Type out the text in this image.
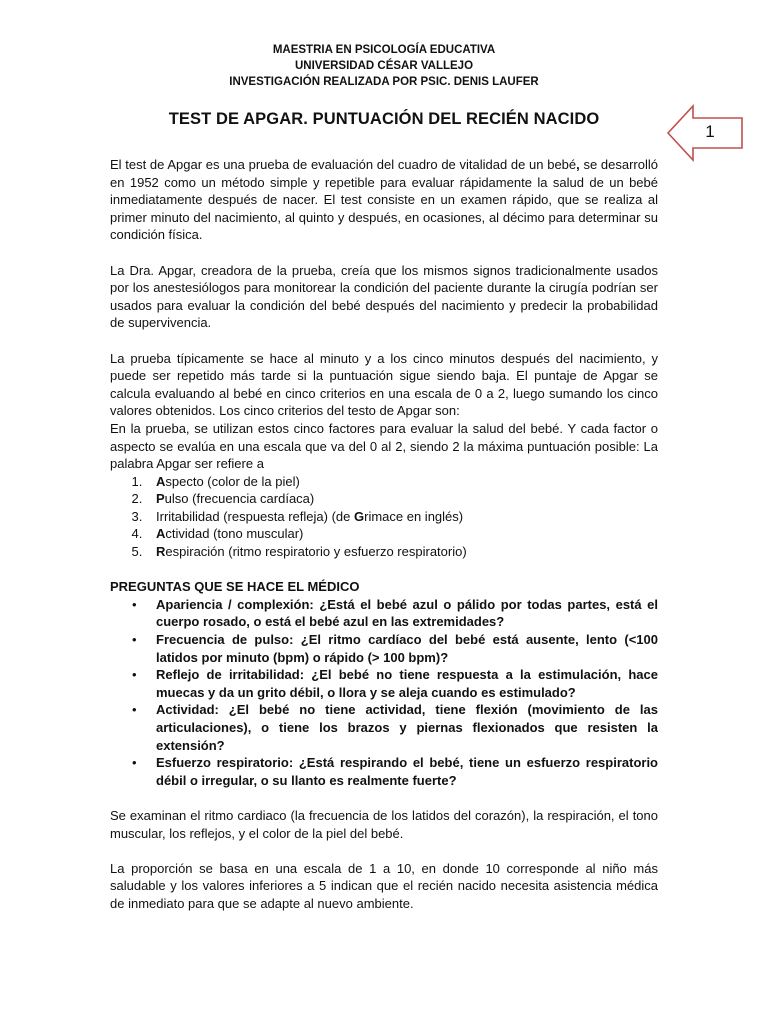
MAESTRIA EN PSICOLOGÍA EDUCATIVA
UNIVERSIDAD CÉSAR VALLEJO
INVESTIGACIÓN REALIZADA POR PSIC. DENIS LAUFER
TEST DE APGAR. PUNTUACIÓN DEL RECIÉN NACIDO
1

El test de Apgar es una prueba de evaluación del cuadro de vitalidad de un bebé, se desarrolló en 1952 como un método simple y repetible para evaluar rápidamente la salud de un bebé inmediatamente después de nacer. El test consiste en un examen rápido, que se realiza al primer minuto del nacimiento, al quinto y después, en ocasiones, al décimo para determinar su condición física.

La Dra. Apgar, creadora de la prueba, creía que los mismos signos tradicionalmente usados por los anestesiólogos para monitorear la condición del paciente durante la cirugía podrían ser usados para evaluar la condición del bebé después del nacimiento y predecir la probabilidad de supervivencia.

La prueba típicamente se hace al minuto y a los cinco minutos después del nacimiento, y puede ser repetido más tarde si la puntuación sigue siendo baja. El puntaje de Apgar se calcula evaluando al bebé en cinco criterios en una escala de 0 a 2, luego sumando los cinco valores obtenidos. Los cinco criterios del testo de Apgar son:

En la prueba, se utilizan estos cinco factores para evaluar la salud del bebé. Y cada factor o aspecto se evalúa en una escala que va del 0 al 2, siendo 2 la máxima puntuación posible: La palabra Apgar ser refiere a

1. Aspecto (color de la piel)
2. Pulso (frecuencia cardíaca)
3. Irritabilidad (respuesta refleja) (de Grimace en inglés)
4. Actividad (tono muscular)
5. Respiración (ritmo respiratorio y esfuerzo respiratorio)

PREGUNTAS QUE SE HACE EL MÉDICO

• Apariencia / complexión: ¿Está el bebé azul o pálido por todas partes, está el cuerpo rosado, o está el bebé azul en las extremidades?
• Frecuencia de pulso: ¿El ritmo cardíaco del bebé está ausente, lento (<100 latidos por minuto (bpm) o rápido (> 100 bpm)?
• Reflejo de irritabilidad: ¿El bebé no tiene respuesta a la estimulación, hace muecas y da un grito débil, o llora y se aleja cuando es estimulado?
• Actividad: ¿El bebé no tiene actividad, tiene flexión (movimiento de las articulaciones), o tiene los brazos y piernas flexionados que resisten la extensión?
• Esfuerzo respiratorio: ¿Está respirando el bebé, tiene un esfuerzo respiratorio débil o irregular, o su llanto es realmente fuerte?

Se examinan el ritmo cardiaco (la frecuencia de los latidos del corazón), la respiración, el tono muscular, los reflejos, y el color de la piel del bebé.

La proporción se basa en una escala de 1 a 10, en donde 10 corresponde al niño más saludable y los valores inferiores a 5 indican que el recién nacido necesita asistencia médica de inmediato para que se adapte al nuevo ambiente.
